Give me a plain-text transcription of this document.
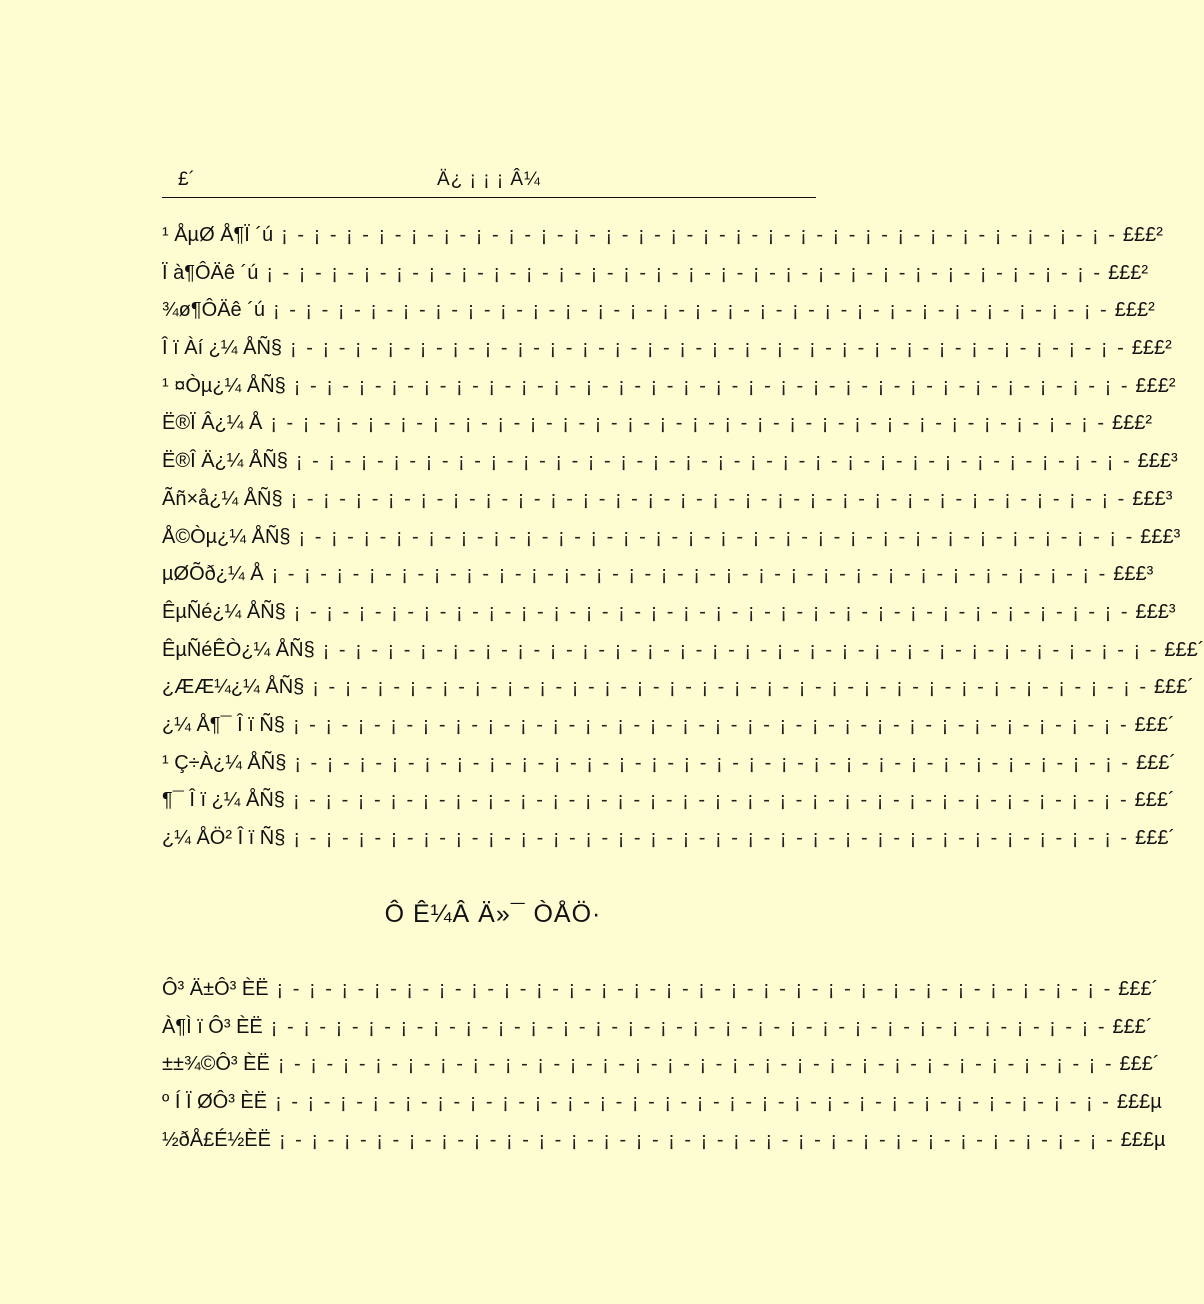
£´	Ä¿ ¡ ¡ ¡ Â¼
¹ ÅµØ Å¶Ï ´ú ¡ - ¡ - ¡ - ¡ - ¡ - ¡ - ¡ - ¡ - ¡ - ¡ - ¡ - ¡ - ¡ - ¡ - ¡ - ¡ - ¡ - ¡ - ¡ - ¡ - ¡ - ¡ - ¡ - ¡ - ¡ - ¡ - £££²
Ï à¶ÔÄê ´ú ¡ - ¡ - ¡ - ¡ - ¡ - ¡ - ¡ - ¡ - ¡ - ¡ - ¡ - ¡ - ¡ - ¡ - ¡ - ¡ - ¡ - ¡ - ¡ - ¡ - ¡ - ¡ - ¡ - ¡ - ¡ - ¡ - £££²
¾ø¶ÔÄê ´ú ¡ - ¡ - ¡ - ¡ - ¡ - ¡ - ¡ - ¡ - ¡ - ¡ - ¡ - ¡ - ¡ - ¡ - ¡ - ¡ - ¡ - ¡ - ¡ - ¡ - ¡ - ¡ - ¡ - ¡ - ¡ - ¡ - £££²
Î ï Àí ¿¼ ÅÑ§ ¡ - ¡ - ¡ - ¡ - ¡ - ¡ - ¡ - ¡ - ¡ - ¡ - ¡ - ¡ - ¡ - ¡ - ¡ - ¡ - ¡ - ¡ - ¡ - ¡ - ¡ - ¡ - ¡ - ¡ - ¡ - ¡ - £££²
¹ ¤Òµ¿¼ ÅÑ§ ¡ - ¡ - ¡ - ¡ - ¡ - ¡ - ¡ - ¡ - ¡ - ¡ - ¡ - ¡ - ¡ - ¡ - ¡ - ¡ - ¡ - ¡ - ¡ - ¡ - ¡ - ¡ - ¡ - ¡ - ¡ - ¡ - £££²
Ë®Ï Â¿¼ Å ¡ - ¡ - ¡ - ¡ - ¡ - ¡ - ¡ - ¡ - ¡ - ¡ - ¡ - ¡ - ¡ - ¡ - ¡ - ¡ - ¡ - ¡ - ¡ - ¡ - ¡ - ¡ - ¡ - ¡ - ¡ - ¡ - £££²
Ë®Î Ä¿¼ ÅÑ§ ¡ - ¡ - ¡ - ¡ - ¡ - ¡ - ¡ - ¡ - ¡ - ¡ - ¡ - ¡ - ¡ - ¡ - ¡ - ¡ - ¡ - ¡ - ¡ - ¡ - ¡ - ¡ - ¡ - ¡ - ¡ - ¡ - £££³
Ãñ×å¿¼ ÅÑ§ ¡ - ¡ - ¡ - ¡ - ¡ - ¡ - ¡ - ¡ - ¡ - ¡ - ¡ - ¡ - ¡ - ¡ - ¡ - ¡ - ¡ - ¡ - ¡ - ¡ - ¡ - ¡ - ¡ - ¡ - ¡ - ¡ - £££³
Å©Òµ¿¼ ÅÑ§ ¡ - ¡ - ¡ - ¡ - ¡ - ¡ - ¡ - ¡ - ¡ - ¡ - ¡ - ¡ - ¡ - ¡ - ¡ - ¡ - ¡ - ¡ - ¡ - ¡ - ¡ - ¡ - ¡ - ¡ - ¡ - ¡ - £££³
µØÕð¿¼ Å ¡ - ¡ - ¡ - ¡ - ¡ - ¡ - ¡ - ¡ - ¡ - ¡ - ¡ - ¡ - ¡ - ¡ - ¡ - ¡ - ¡ - ¡ - ¡ - ¡ - ¡ - ¡ - ¡ - ¡ - ¡ - ¡ - £££³
ÊµÑé¿¼ ÅÑ§ ¡ - ¡ - ¡ - ¡ - ¡ - ¡ - ¡ - ¡ - ¡ - ¡ - ¡ - ¡ - ¡ - ¡ - ¡ - ¡ - ¡ - ¡ - ¡ - ¡ - ¡ - ¡ - ¡ - ¡ - ¡ - ¡ - £££³
ÊµÑéÊÒ¿¼ ÅÑ§ ¡ - ¡ - ¡ - ¡ - ¡ - ¡ - ¡ - ¡ - ¡ - ¡ - ¡ - ¡ - ¡ - ¡ - ¡ - ¡ - ¡ - ¡ - ¡ - ¡ - ¡ - ¡ - ¡ - ¡ - ¡ - ¡ - £££´
¿ÆÆ¼¿¼ ÅÑ§ ¡ - ¡ - ¡ - ¡ - ¡ - ¡ - ¡ - ¡ - ¡ - ¡ - ¡ - ¡ - ¡ - ¡ - ¡ - ¡ - ¡ - ¡ - ¡ - ¡ - ¡ - ¡ - ¡ - ¡ - ¡ - ¡ - £££´
¿¼ Å¶¯ Î ï Ñ§ ¡ - ¡ - ¡ - ¡ - ¡ - ¡ - ¡ - ¡ - ¡ - ¡ - ¡ - ¡ - ¡ - ¡ - ¡ - ¡ - ¡ - ¡ - ¡ - ¡ - ¡ - ¡ - ¡ - ¡ - ¡ - ¡ - £££´
¹ Ç÷À¿¼ ÅÑ§ ¡ - ¡ - ¡ - ¡ - ¡ - ¡ - ¡ - ¡ - ¡ - ¡ - ¡ - ¡ - ¡ - ¡ - ¡ - ¡ - ¡ - ¡ - ¡ - ¡ - ¡ - ¡ - ¡ - ¡ - ¡ - ¡ - £££´
¶¯ Î ï ¿¼ ÅÑ§ ¡ - ¡ - ¡ - ¡ - ¡ - ¡ - ¡ - ¡ - ¡ - ¡ - ¡ - ¡ - ¡ - ¡ - ¡ - ¡ - ¡ - ¡ - ¡ - ¡ - ¡ - ¡ - ¡ - ¡ - ¡ - ¡ - £££´
¿¼ ÅÖ² Î ï Ñ§ ¡ - ¡ - ¡ - ¡ - ¡ - ¡ - ¡ - ¡ - ¡ - ¡ - ¡ - ¡ - ¡ - ¡ - ¡ - ¡ - ¡ - ¡ - ¡ - ¡ - ¡ - ¡ - ¡ - ¡ - ¡ - ¡ - £££´
Ô Ê¼Â Ä»¯ ÒÅÖ·
Ô³ Ä±Ô³ ÈË ¡ - ¡ - ¡ - ¡ - ¡ - ¡ - ¡ - ¡ - ¡ - ¡ - ¡ - ¡ - ¡ - ¡ - ¡ - ¡ - ¡ - ¡ - ¡ - ¡ - ¡ - ¡ - ¡ - ¡ - ¡ - ¡ - £££´
À¶Ì ï Ô³ ÈË ¡ - ¡ - ¡ - ¡ - ¡ - ¡ - ¡ - ¡ - ¡ - ¡ - ¡ - ¡ - ¡ - ¡ - ¡ - ¡ - ¡ - ¡ - ¡ - ¡ - ¡ - ¡ - ¡ - ¡ - ¡ - ¡ - £££´
±±¾©Ô³ ÈË ¡ - ¡ - ¡ - ¡ - ¡ - ¡ - ¡ - ¡ - ¡ - ¡ - ¡ - ¡ - ¡ - ¡ - ¡ - ¡ - ¡ - ¡ - ¡ - ¡ - ¡ - ¡ - ¡ - ¡ - ¡ - ¡ - £££´
º Í Ï ØÔ³ ÈË ¡ - ¡ - ¡ - ¡ - ¡ - ¡ - ¡ - ¡ - ¡ - ¡ - ¡ - ¡ - ¡ - ¡ - ¡ - ¡ - ¡ - ¡ - ¡ - ¡ - ¡ - ¡ - ¡ - ¡ - ¡ - ¡ - £££µ
½ðÅ£É½ÈË ¡ - ¡ - ¡ - ¡ - ¡ - ¡ - ¡ - ¡ - ¡ - ¡ - ¡ - ¡ - ¡ - ¡ - ¡ - ¡ - ¡ - ¡ - ¡ - ¡ - ¡ - ¡ - ¡ - ¡ - ¡ - ¡ - £££µ
